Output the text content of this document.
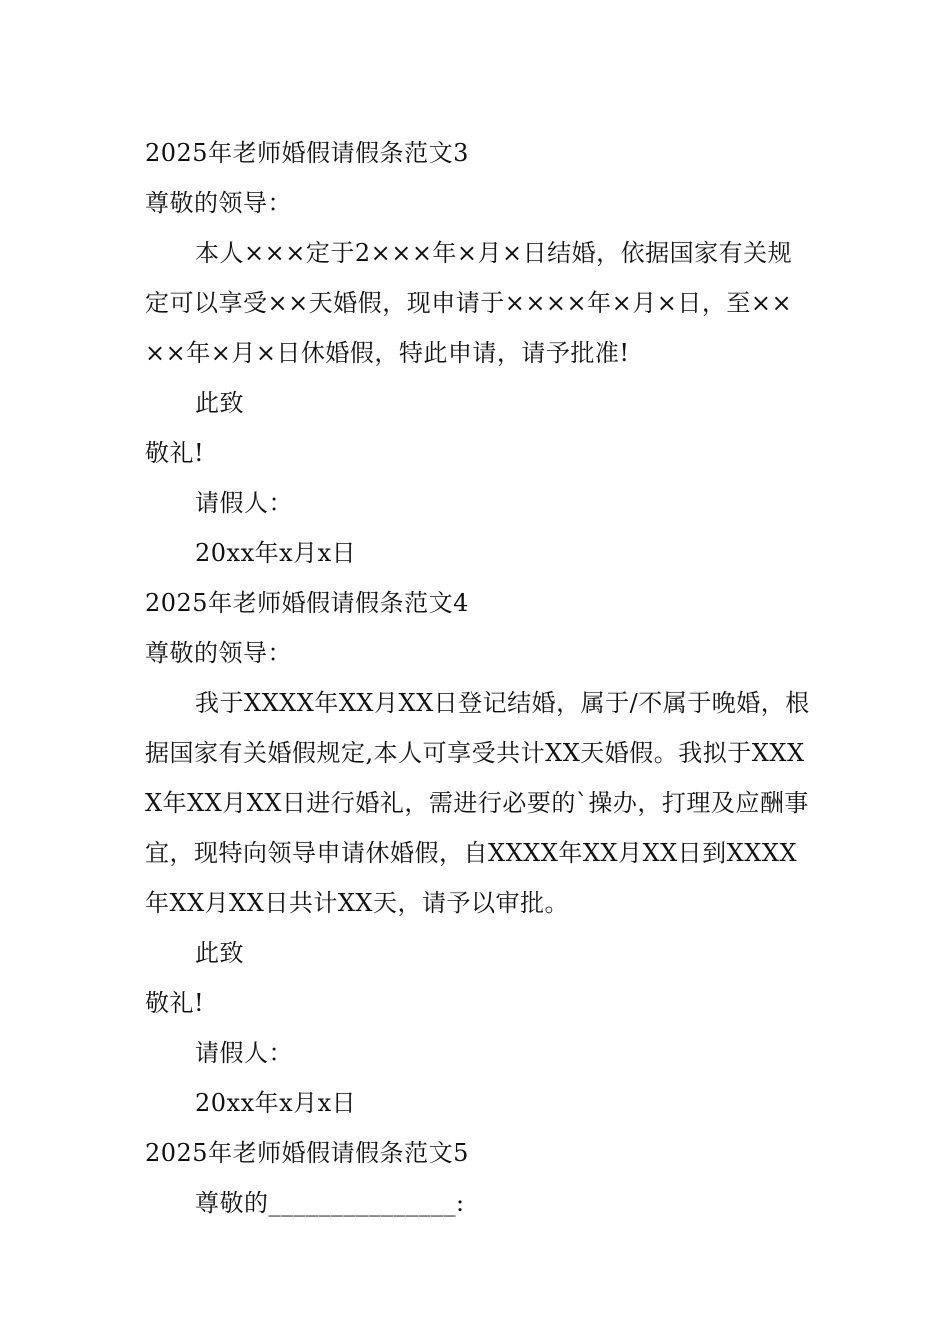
2025年老师婚假请假条范文3

尊敬的领导：

本人×××定于2×××年×月×日结婚，依据国家有关规定可以享受××天婚假，现申请于××××年×月×日，至××××年×月×日休婚假，特此申请，请予批准!

此致

敬礼!

请假人：

20xx年x月x日

2025年老师婚假请假条范文4

尊敬的领导：

我于XXXX年XX月XX日登记结婚，属于/不属于晚婚，根据国家有关婚假规定,本人可享受共计XX天婚假。我拟于XXXX年XX月XX日进行婚礼，需进行必要的`操办，打理及应酬事宜，现特向领导申请休婚假，自XXXX年XX月XX日到XXXX年XX月XX日共计XX天，请予以审批。

此致

敬礼!

请假人：

20xx年x月x日

2025年老师婚假请假条范文5

尊敬的_______________:
